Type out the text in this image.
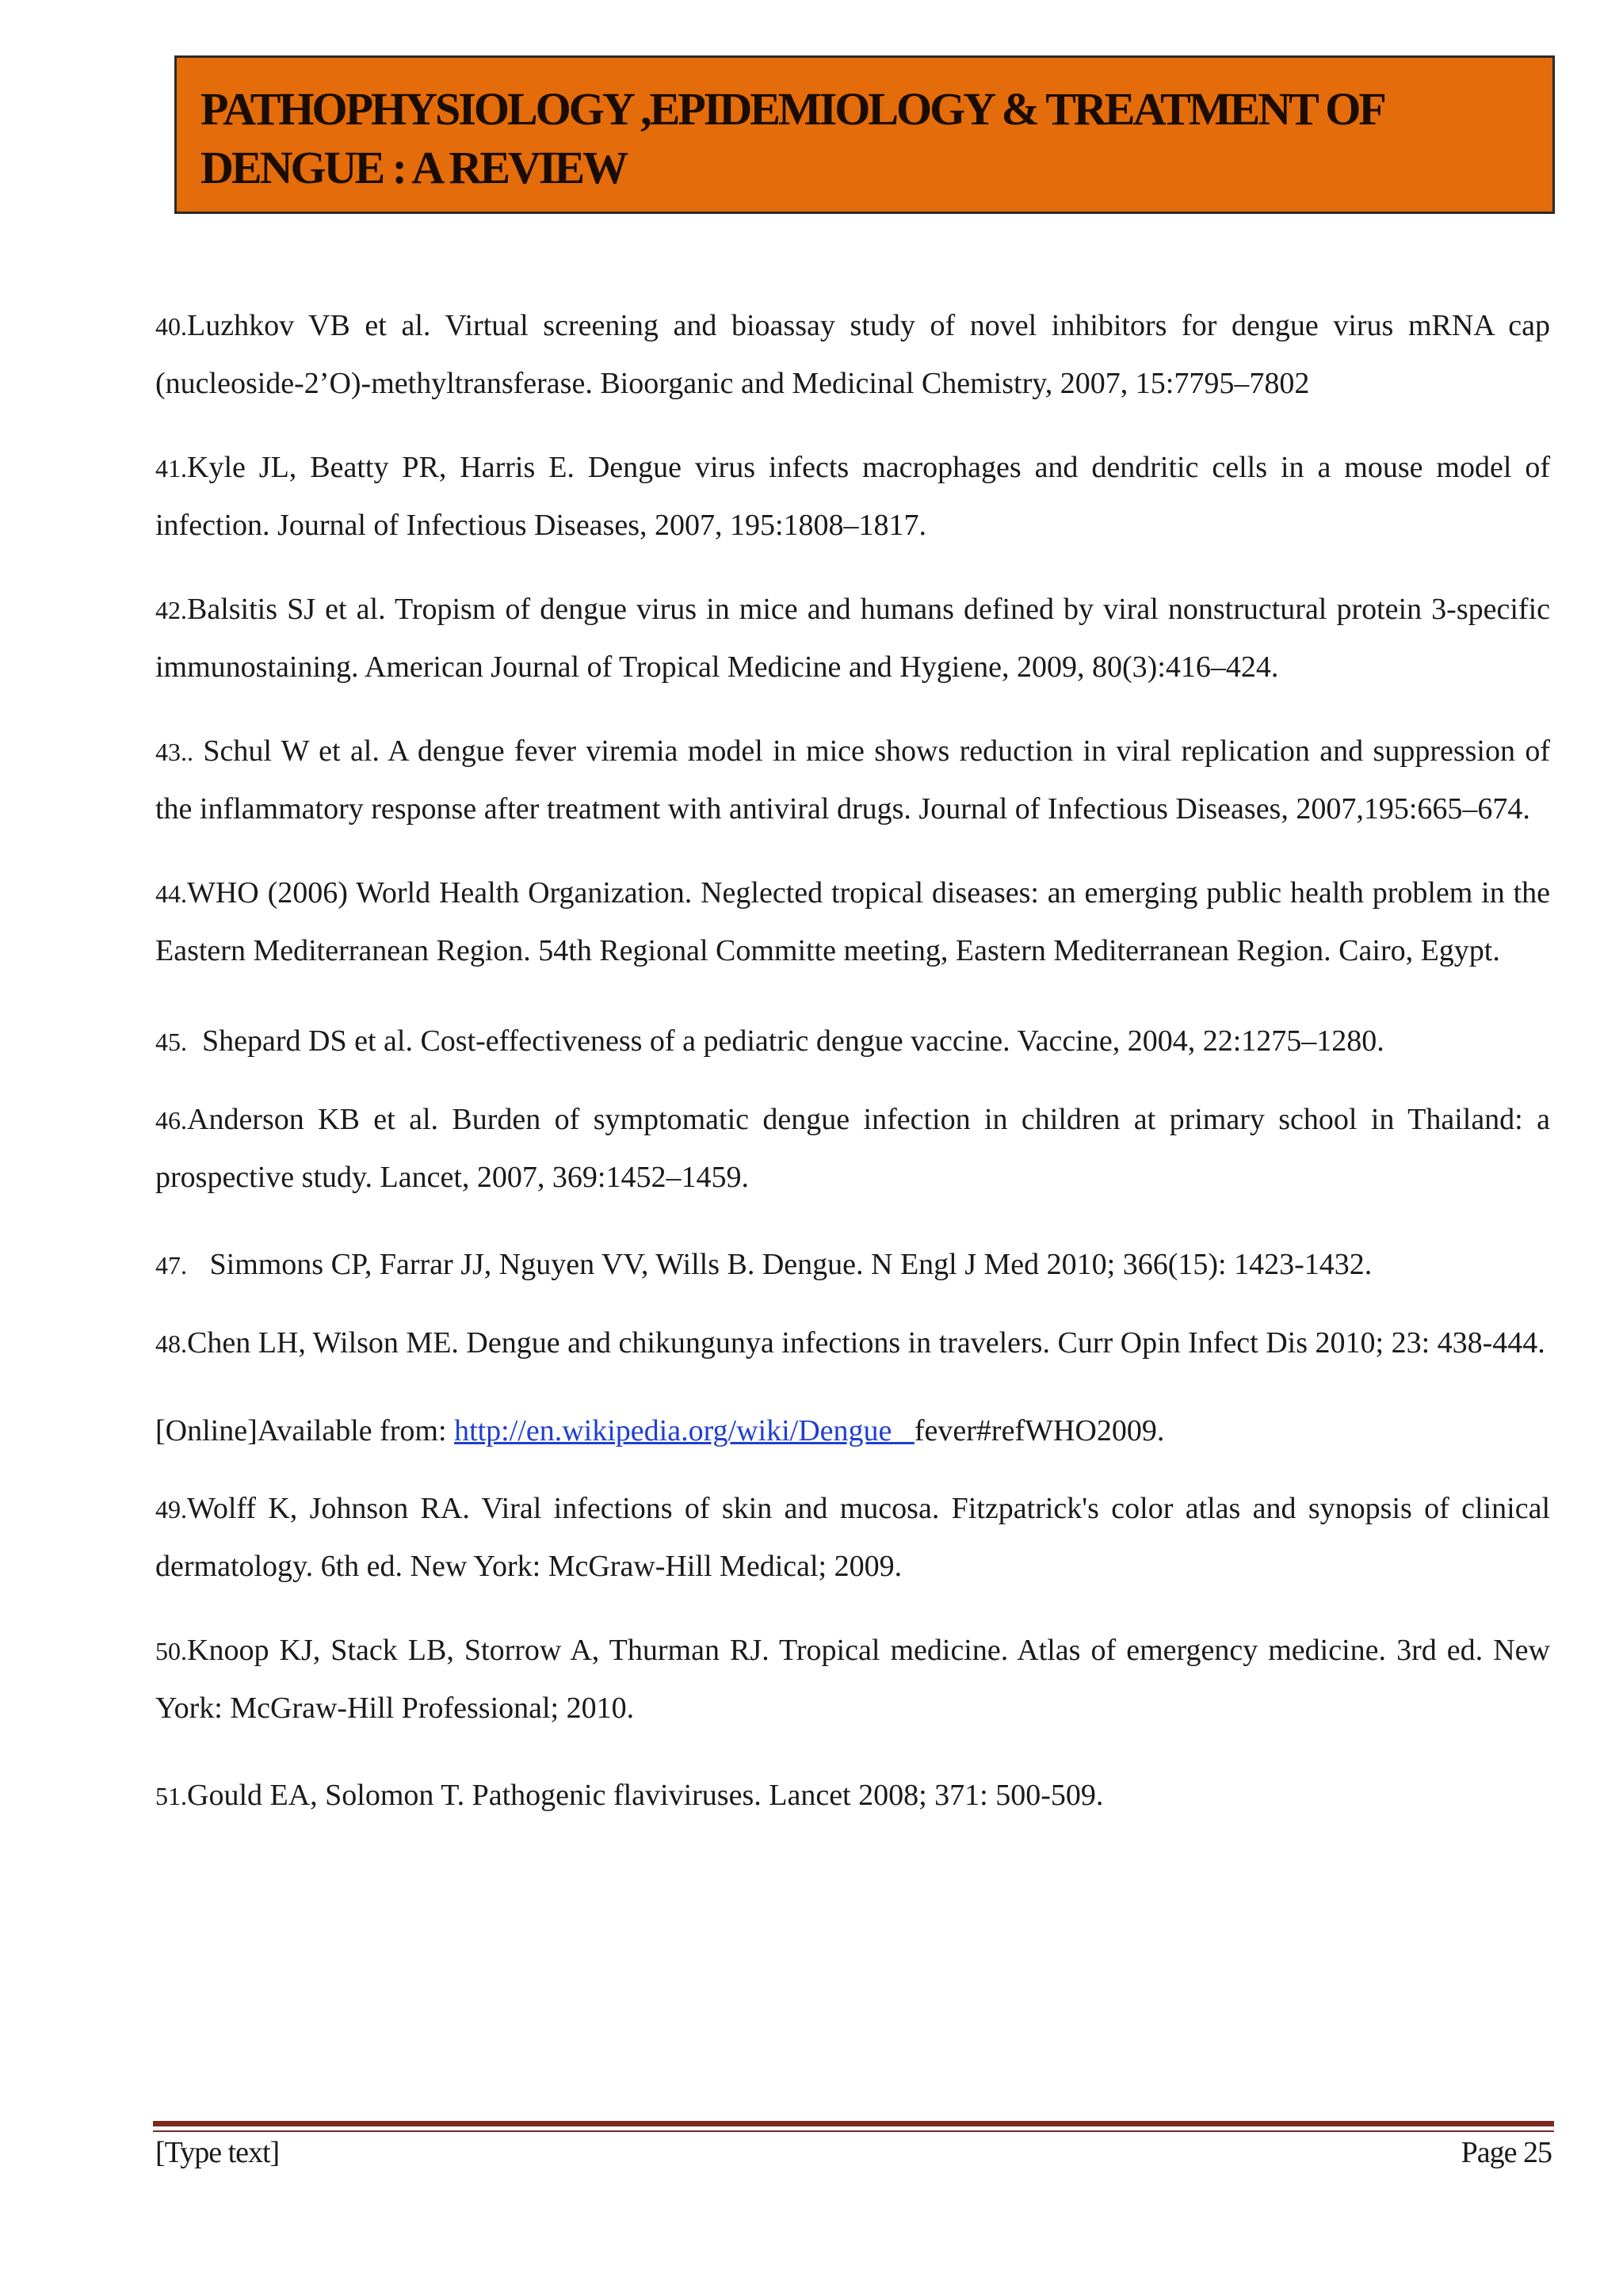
PATHOPHYSIOLOGY ,EPIDEMIOLOGY & TREATMENT OF
DENGUE : A REVIEW

40.Luzhkov VB et al. Virtual screening and bioassay study of novel inhibitors for dengue virus mRNA cap (nucleoside-2’O)-methyltransferase. Bioorganic and Medicinal Chemistry, 2007, 15:7795–7802

41.Kyle JL, Beatty PR, Harris E. Dengue virus infects macrophages and dendritic cells in a mouse model of infection. Journal of Infectious Diseases, 2007, 195:1808–1817.

42.Balsitis SJ et al. Tropism of dengue virus in mice and humans defined by viral nonstructural protein 3-specific immunostaining. American Journal of Tropical Medicine and Hygiene, 2009, 80(3):416–424.

43.. Schul W et al. A dengue fever viremia model in mice shows reduction in viral replication and suppression of the inflammatory response after treatment with antiviral drugs. Journal of Infectious Diseases, 2007,195:665–674.

44.WHO (2006) World Health Organization. Neglected tropical diseases: an emerging public health problem in the Eastern Mediterranean Region. 54th Regional Committe meeting, Eastern Mediterranean Region. Cairo, Egypt.

45.  Shepard DS et al. Cost-effectiveness of a pediatric dengue vaccine. Vaccine, 2004, 22:1275–1280.

46.Anderson KB et al. Burden of symptomatic dengue infection in children at primary school in Thailand: a prospective study. Lancet, 2007, 369:1452–1459.

47.   Simmons CP, Farrar JJ, Nguyen VV, Wills B. Dengue. N Engl J Med 2010; 366(15): 1423-1432.

48.Chen LH, Wilson ME. Dengue and chikungunya infections in travelers. Curr Opin Infect Dis 2010; 23: 438-444.

[Online]Available from: http://en.wikipedia.org/wiki/Dengue_ fever#refWHO2009.

49.Wolff K, Johnson RA. Viral infections of skin and mucosa. Fitzpatrick's color atlas and synopsis of clinical dermatology. 6th ed. New York: McGraw-Hill Medical; 2009.

50.Knoop KJ, Stack LB, Storrow A, Thurman RJ. Tropical medicine. Atlas of emergency medicine. 3rd ed. New York: McGraw-Hill Professional; 2010.

51.Gould EA, Solomon T. Pathogenic flaviviruses. Lancet 2008; 371: 500-509.

[Type text]	Page 25
